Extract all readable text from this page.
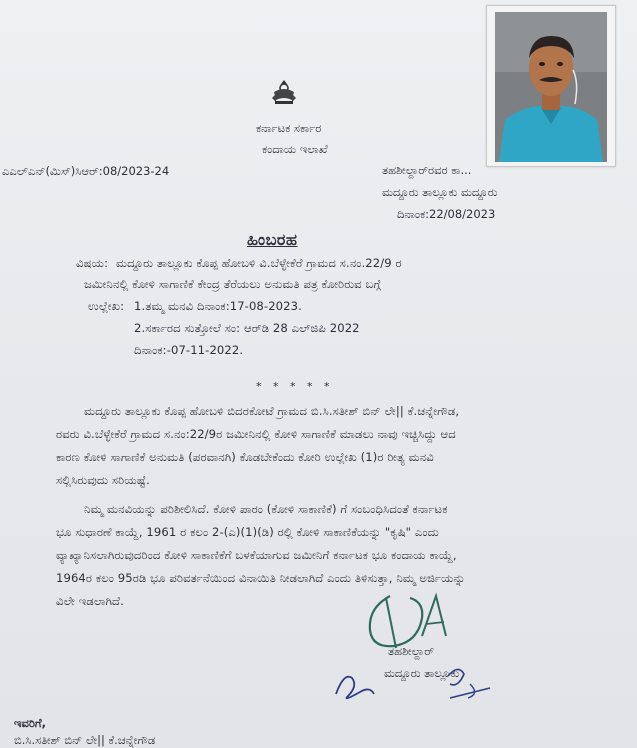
ಕರ್ನಾಟಕ ಸರ್ಕಾರ
ಕಂದಾಯ ಇಲಾಖೆ
ಎಎಲ್ಎನ್(ಮಿಸ್)ಸಿಆರ್:08/2023-24	ತಹಶೀಲ್ದಾರ್‌ರವರ ಕಾ...
ಮದ್ದೂರು ತಾಲ್ಲೂಕು ಮದ್ದೂರು
ದಿನಾಂಕ:22/08/2023
ಹಿಂಬರಹ
ವಿಷಯ: ಮದ್ದೂರು ತಾಲ್ಲೂಕು ಕೊಪ್ಪ ಹೋಬಳಿ ವಿ.ಬೆಳ್ಳೇಕೆರೆ ಗ್ರಾಮದ ಸ.ನಂ.22/9 ರ
ಜಮೀನಿನಲ್ಲಿ ಕೋಳಿ ಸಾಗಾಣಿಕೆ ಕೇಂದ್ರ ತೆರೆಯಲು ಅನುಮತಿ ಪತ್ರ ಕೋರಿರುವ ಬಗ್ಗೆ
ಉಲ್ಲೇಖ: 1.ತಮ್ಮ ಮನವಿ ದಿನಾಂಕ:17-08-2023.
2.ಸರ್ಕಾರದ ಸುತ್ತೋಲೆ ಸಂ: ಆರ್‌ಡಿ 28 ಎಲ್‌ಜಿಪಿ 2022
ದಿನಾಂಕ:-07-11-2022.
* * * * *
ಮದ್ದೂರು ತಾಲ್ಲೂಕು ಕೊಪ್ಪ ಹೋಬಳಿ ಬಿದರಕೋಟೆ ಗ್ರಾಮದ ಬಿ.ಸಿ.ಸತೀಶ್ ಬಿನ್ ಲೇ|| ಕೆ.ಚನ್ನೇಗೌಡ,
ರವರು ವಿ.ಬೆಳ್ಳೇಕೆರೆ ಗ್ರಾಮದ ಸ.ನಂ:22/9ರ ಜಮೀನಿನಲ್ಲಿ ಕೋಳಿ ಸಾಗಾಣಿಕೆ ಮಾಡಲು ನಾವು ಇಚ್ಚಿಸಿದ್ದು ಆದ
ಕಾರಣ ಕೋಳಿ ಸಾಗಾಣಿಕೆ ಅನುಮತಿ (ಪರವಾನಗಿ) ಕೊಡಬೇಕೆಂದು ಕೋರಿ ಉಲ್ಲೇಖ (1)ರ ರೀತ್ಯ ಮನವಿ
ಸಲ್ಲಿಸಿರುವುದು ಸರಿಯಷ್ಟೆ.
ನಿಮ್ಮ ಮನವಿಯನ್ನು ಪರಿಶೀಲಿಸಿದೆ. ಕೋಳಿ ಪಾರಂ (ಕೋಳಿ ಸಾಕಾಣಿಕೆ) ಗೆ ಸಂಬಂಧಿಸಿದಂತೆ ಕರ್ನಾಟಕ
ಭೂ ಸುಧಾರಣೆ ಕಾಯ್ದೆ, 1961 ರ ಕಲಂ 2-(ಎ)(1)(ಡಿ) ರಲ್ಲಿ ಕೋಳಿ ಸಾಕಾಣಿಕೆಯನ್ನು "ಕೃಷಿ" ಎಂದು
ವ್ಯಾಖ್ಯಾನಿಸಲಾಗಿರುವುದರಿಂದ ಕೋಳಿ ಸಾಕಾಣಿಕೆಗೆ ಬಳಕೆಯಾಗುವ ಜಮೀನಿಗೆ ಕರ್ನಾಟಕ ಭೂ ಕಂದಾಯ ಕಾಯ್ದೆ,
1964ರ ಕಲಂ 95ರಡಿ ಭೂ ಪರಿವರ್ತನೆಯಿಂದ ವಿನಾಯಿತಿ ನೀಡಲಾಗಿದೆ ಎಂದು ತಿಳಿಸುತ್ತಾ, ನಿಮ್ಮ ಅರ್ಜಿಯನ್ನು
ವಿಲೇ ಇಡಲಾಗಿದೆ.
ತಹಶೀಲ್ದಾರ್
ಮದ್ದೂರು ತಾಲ್ಲೂಕು
ಇವರಿಗೆ,
ಬಿ.ಸಿ.ಸತೀಶ್ ಬಿನ್ ಲೇ|| ಕೆ.ಚನ್ನೇಗೌಡ
